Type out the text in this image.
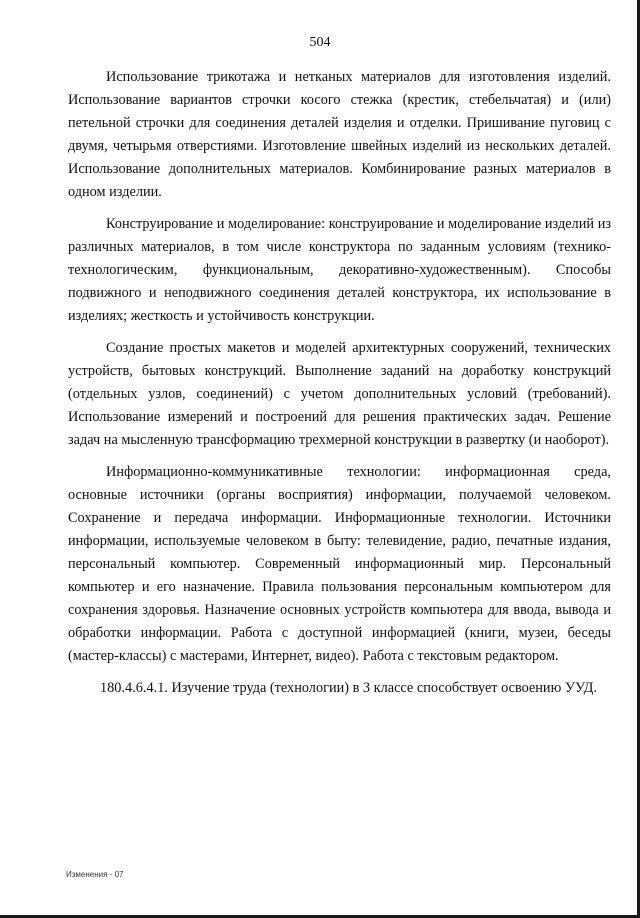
504

Использование трикотажа и нетканых материалов для изготовления изделий. Использование вариантов строчки косого стежка (крестик, стебельчатая) и (или) петельной строчки для соединения деталей изделия и отделки. Пришивание пуговиц с двумя, четырьмя отверстиями. Изготовление швейных изделий из нескольких деталей. Использование дополнительных материалов. Комбинирование разных материалов в одном изделии.

Конструирование и моделирование: конструирование и моделирование изделий из различных материалов, в том числе конструктора по заданным условиям (технико-технологическим, функциональным, декоративно-художественным). Способы подвижного и неподвижного соединения деталей конструктора, их использование в изделиях; жесткость и устойчивость конструкции.

Создание простых макетов и моделей архитектурных сооружений, технических устройств, бытовых конструкций. Выполнение заданий на доработку конструкций (отдельных узлов, соединений) с учетом дополнительных условий (требований). Использование измерений и построений для решения практических задач. Решение задач на мысленную трансформацию трехмерной конструкции в развертку (и наоборот).

Информационно-коммуникативные технологии: информационная среда, основные источники (органы восприятия) информации, получаемой человеком. Сохранение и передача информации. Информационные технологии. Источники информации, используемые человеком в быту: телевидение, радио, печатные издания, персональный компьютер. Современный информационный мир. Персональный компьютер и его назначение. Правила пользования персональным компьютером для сохранения здоровья. Назначение основных устройств компьютера для ввода, вывода и обработки информации. Работа с доступной информацией (книги, музеи, беседы (мастер-классы) с мастерами, Интернет, видео). Работа с текстовым редактором.

180.4.6.4.1. Изучение труда (технологии) в 3 классе способствует освоению УУД.

Изменения - 07
